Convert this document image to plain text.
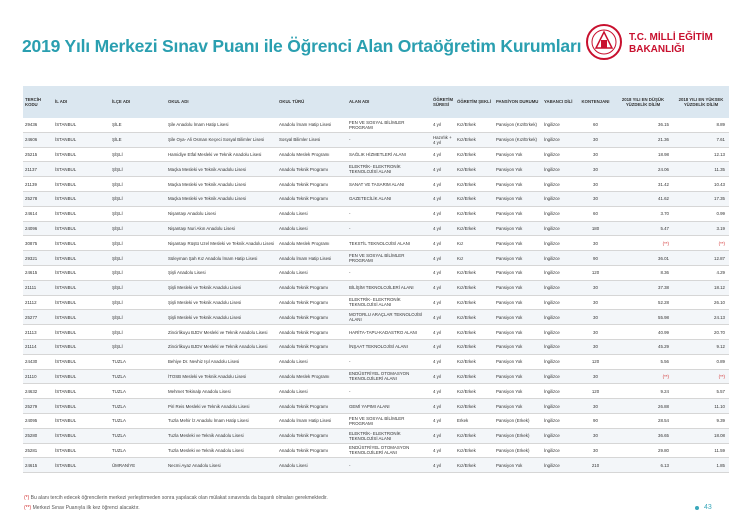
2019 Yılı Merkezi Sınav Puanı ile Öğrenci Alan Ortaöğretim Kurumları	T.C. MİLLİ EĞİTİM
BAKANLIĞI
TERCİH KODU	İL ADI	İLÇE ADI	OKUL ADI	OKUL TÜRÜ	ALAN ADI	ÖĞRETİM SÜRESİ	ÖĞRETİM ŞEKLİ	PANSİYON DURUMU	YABANCI DİLİ	KONTENJANI	2018 YILI EN DÜŞÜK YÜZDELİK DİLİM	2018 YILI EN YÜKSEK YÜZDELİK DİLİM
29436	İSTANBUL	ŞİLE	Şile Anadolu İmam Hatip Lisesi	Anadolu İmam Hatip Lisesi	FEN VE SOSYAL BİLİMLER PROGRAMI	4 yıl	Kız/Erkek	Pansiyon (Kız/Erkek)	İngilizce	60	36.15	8.89
24606	İSTANBUL	ŞİLE	Şile Oya- Ali Osman Keçeci Sosyal Bilimler Lisesi	Sosyal Bilimler Lisesi	-	Hazırlık + 4 yıl	Kız/Erkek	Pansiyon (Kız/Erkek)	İngilizce	30	21.36	7.61
25215	İSTANBUL	ŞİŞLİ	Hamidiye Etfal Mesleki ve Teknik Anadolu Lisesi	Anadolu Meslek Programı	SAĞLIK HİZMETLERİ ALANI	4 yıl	Kız/Erkek	Pansiyon Yok	İngilizce	30	18.98	12.13
21137	İSTANBUL	ŞİŞLİ	Maçka Mesleki ve Teknik Anadolu Lisesi	Anadolu Teknik Programı	ELEKTRİK- ELEKTRONİK TEKNOLOJİSİ ALANI	4 yıl	Kız/Erkek	Pansiyon Yok	İngilizce	30	24.06	11.35
21139	İSTANBUL	ŞİŞLİ	Maçka Mesleki ve Teknik Anadolu Lisesi	Anadolu Teknik Programı	SANAT VE TASARIM ALANI	4 yıl	Kız/Erkek	Pansiyon Yok	İngilizce	30	31.42	10.43
25278	İSTANBUL	ŞİŞLİ	Maçka Mesleki ve Teknik Anadolu Lisesi	Anadolu Teknik Programı	GAZETECİLİK ALANI	4 yıl	Kız/Erkek	Pansiyon Yok	İngilizce	30	41.62	17.35
24614	İSTANBUL	ŞİŞLİ	Nişantaşı Anadolu Lisesi	Anadolu Lisesi	-	4 yıl	Kız/Erkek	Pansiyon Yok	İngilizce	60	3.70	0.99
24096	İSTANBUL	ŞİŞLİ	Nişantaşı Nuri Akın Anadolu Lisesi	Anadolu Lisesi	-	4 yıl	Kız/Erkek	Pansiyon Yok	İngilizce	180	5.47	3.19
30875	İSTANBUL	ŞİŞLİ	Nişantaşı Rüştü Uzel Mesleki ve Teknik Anadolu Lisesi	Anadolu Meslek Programı	TEKSTİL TEKNOLOJİSİ ALANI	4 yıl	Kız	Pansiyon Yok	İngilizce	30	(**)	(**)
29321	İSTANBUL	ŞİŞLİ	Süleyman Şah Kız Anadolu İmam Hatip Lisesi	Anadolu İmam Hatip Lisesi	FEN VE SOSYAL BİLİMLER PROGRAMI	4 yıl	Kız	Pansiyon Yok	İngilizce	90	36.01	12.87
24615	İSTANBUL	ŞİŞLİ	Şişli Anadolu Lisesi	Anadolu Lisesi	-	4 yıl	Kız/Erkek	Pansiyon Yok	İngilizce	120	8.36	4.29
21111	İSTANBUL	ŞİŞLİ	Şişli Mesleki ve Teknik Anadolu Lisesi	Anadolu Teknik Programı	BİLİŞİM TEKNOLOJİLERİ ALANI	4 yıl	Kız/Erkek	Pansiyon Yok	İngilizce	30	37.38	18.12
21112	İSTANBUL	ŞİŞLİ	Şişli Mesleki ve Teknik Anadolu Lisesi	Anadolu Teknik Programı	ELEKTRİK- ELEKTRONİK TEKNOLOJİSİ ALANI	4 yıl	Kız/Erkek	Pansiyon Yok	İngilizce	30	52.28	26.10
25277	İSTANBUL	ŞİŞLİ	Şişli Mesleki ve Teknik Anadolu Lisesi	Anadolu Teknik Programı	MOTORLU ARAÇLAR TEKNOLOJİSİ ALANI	4 yıl	Kız/Erkek	Pansiyon Yok	İngilizce	30	55.98	24.13
21113	İSTANBUL	ŞİŞLİ	Zincirlikuyu BJDV Mesleki ve Teknik Anadolu Lisesi	Anadolu Teknik Programı	HARİTA-TAPU-KADASTRO ALANI	4 yıl	Kız/Erkek	Pansiyon Yok	İngilizce	30	40.99	20.70
21114	İSTANBUL	ŞİŞLİ	Zincirlikuyu BJDV Mesleki ve Teknik Anadolu Lisesi	Anadolu Teknik Programı	İNŞAAT TEKNOLOJİSİ ALANI	4 yıl	Kız/Erkek	Pansiyon Yok	İngilizce	30	45.29	9.12
24430	İSTANBUL	TUZLA	Behiye Dr. Nevhiz Işıl Anadolu Lisesi	Anadolu Lisesi	-	4 yıl	Kız/Erkek	Pansiyon Yok	İngilizce	120	5.56	0.89
21110	İSTANBUL	TUZLA	İTOSB Mesleki ve Teknik Anadolu Lisesi	Anadolu Meslek Programı	ENDÜSTRİYEL OTOMASYON TEKNOLOJİLERİ ALANI	4 yıl	Kız/Erkek	Pansiyon Yok	İngilizce	30	(**)	(**)
24632	İSTANBUL	TUZLA	Mehmet Tekinalp Anadolu Lisesi	Anadolu Lisesi	-	4 yıl	Kız/Erkek	Pansiyon Yok	İngilizce	120	9.24	5.57
25279	İSTANBUL	TUZLA	Piri Reis Mesleki ve Teknik Anadolu Lisesi	Anadolu Teknik Programı	GEMİ YAPIMI ALANI	4 yıl	Kız/Erkek	Pansiyon Yok	İngilizce	30	26.88	11.10
24095	İSTANBUL	TUZLA	Tuzla Mehir İz Anadolu İmam Hatip Lisesi	Anadolu İmam Hatip Lisesi	FEN VE SOSYAL BİLİMLER PROGRAMI	4 yıl	Erkek	Pansiyon (Erkek)	İngilizce	90	28.54	9.39
25280	İSTANBUL	TUZLA	Tuzla Mesleki ve Teknik Anadolu Lisesi	Anadolu Teknik Programı	ELEKTRİK- ELEKTRONİK TEKNOLOJİSİ ALANI	4 yıl	Kız/Erkek	Pansiyon (Erkek)	İngilizce	30	36.65	18.08
25281	İSTANBUL	TUZLA	Tuzla Mesleki ve Teknik Anadolu Lisesi	Anadolu Teknik Programı	ENDÜSTRİYEL OTOMASYON TEKNOLOJİLERİ ALANI	4 yıl	Kız/Erkek	Pansiyon (Erkek)	İngilizce	30	29.80	11.59
24615	İSTANBUL	ÜMRANİYE	Necmi Ayaz Anadolu Lisesi	Anadolu Lisesi	-	4 yıl	Kız/Erkek	Pansiyon Yok	İngilizce	210	6.13	1.85
(*) Bu alanı tercih edecek öğrencilerin merkezi yerleştirmeden sonra yapılacak olan mülakat sınavında da başarılı olmaları gerekmektedir.
(**) Merkezi Sınav Puanıyla ilk kez öğrenci alacaktır.	43
